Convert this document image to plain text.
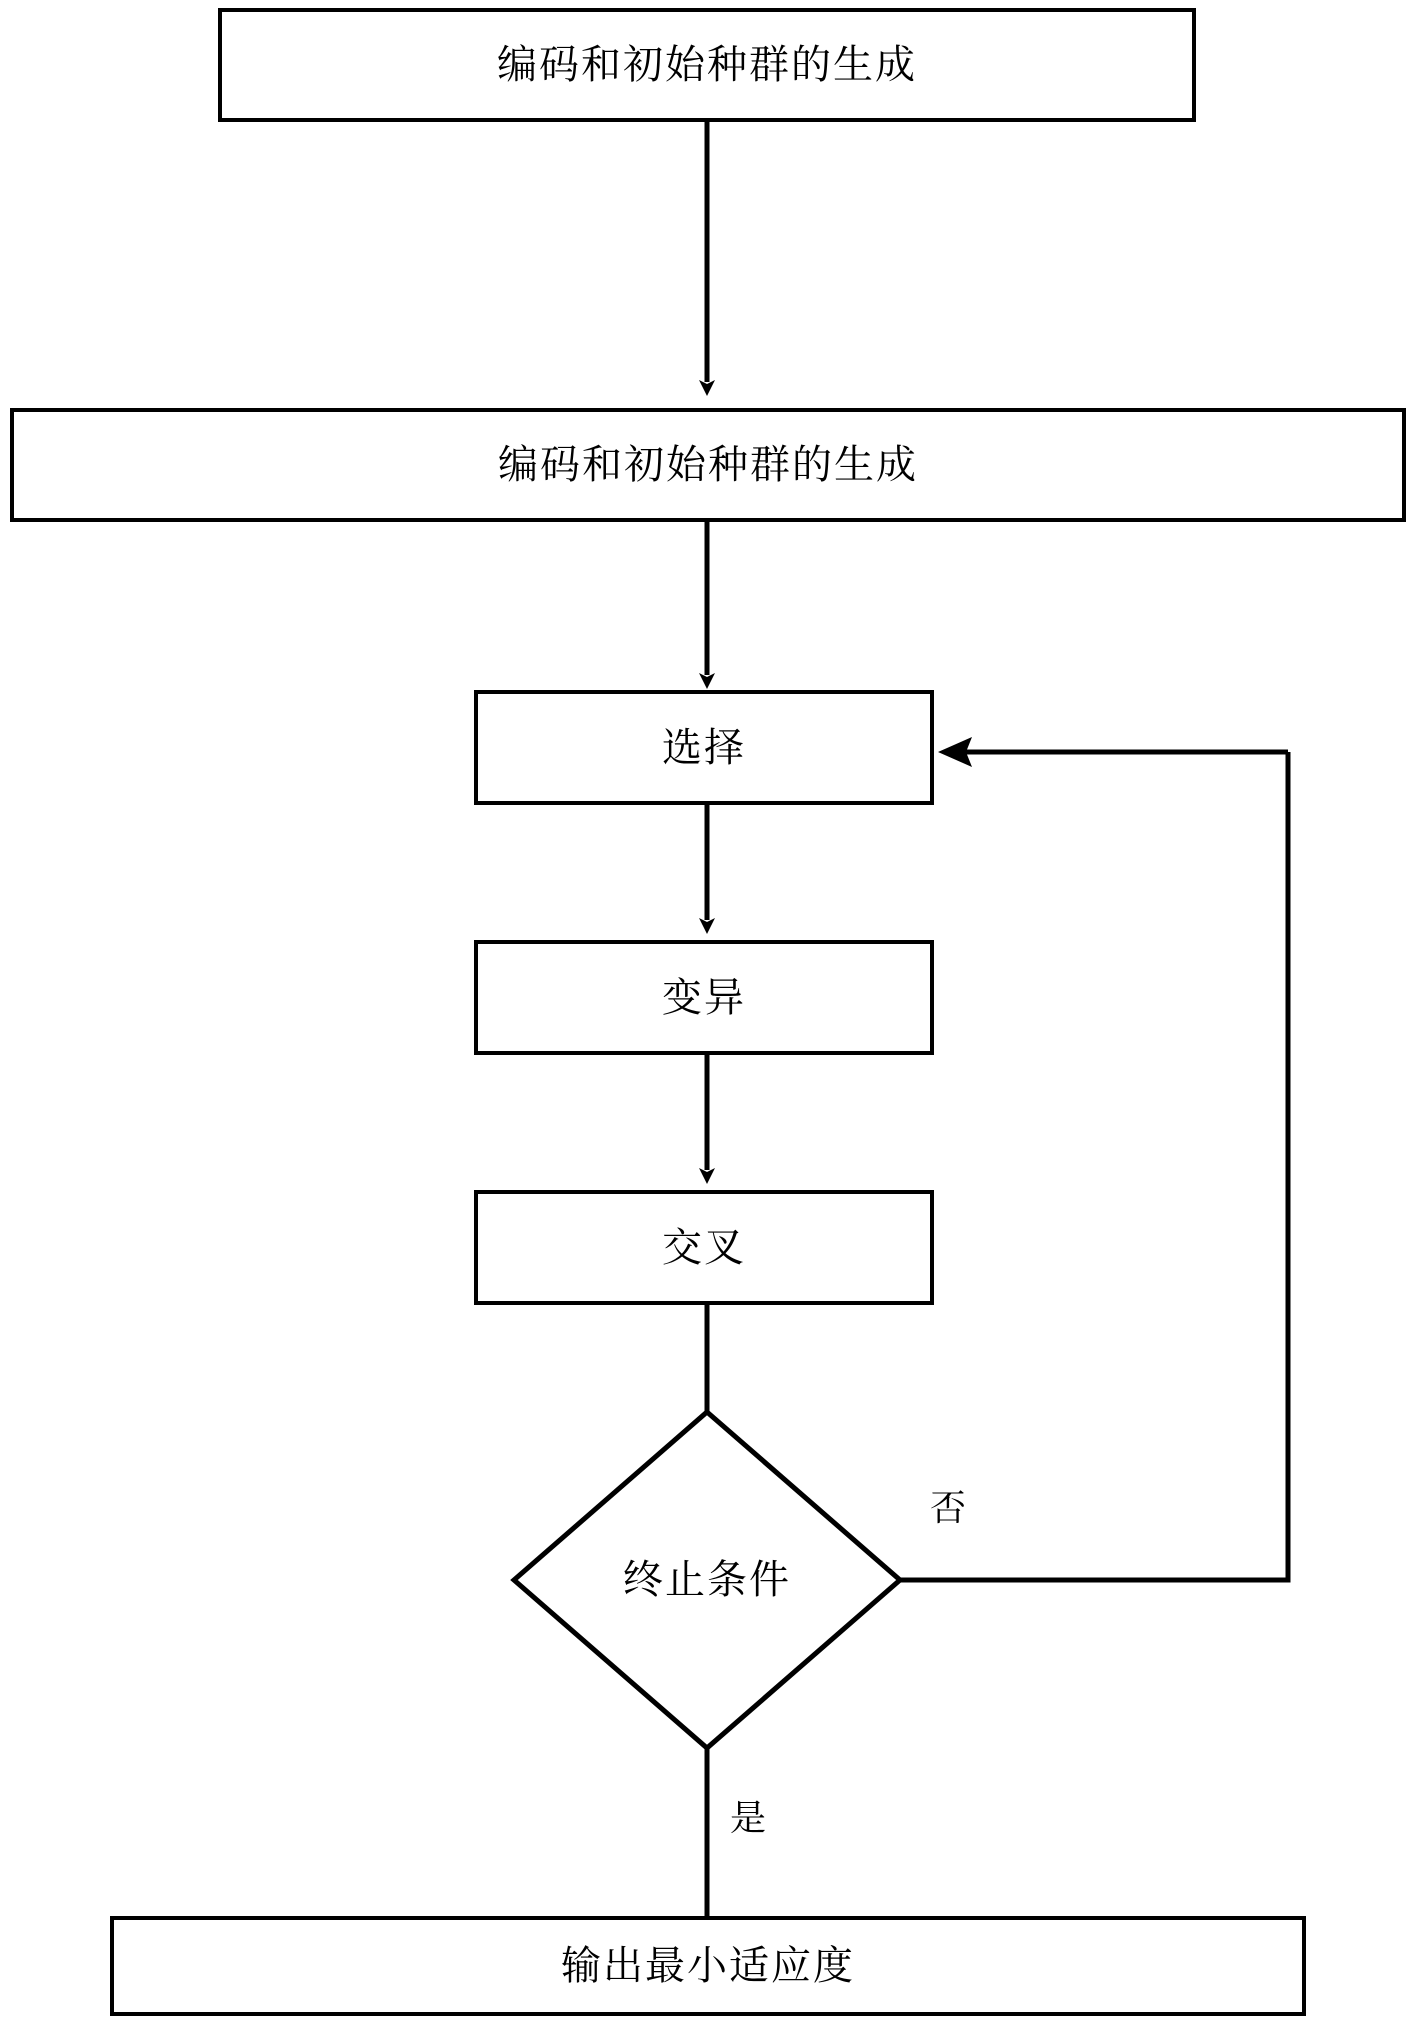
编码和初始种群的生成
编码和初始种群的生成
选择
变异
交叉
终止条件
否
是
输出最小适应度
